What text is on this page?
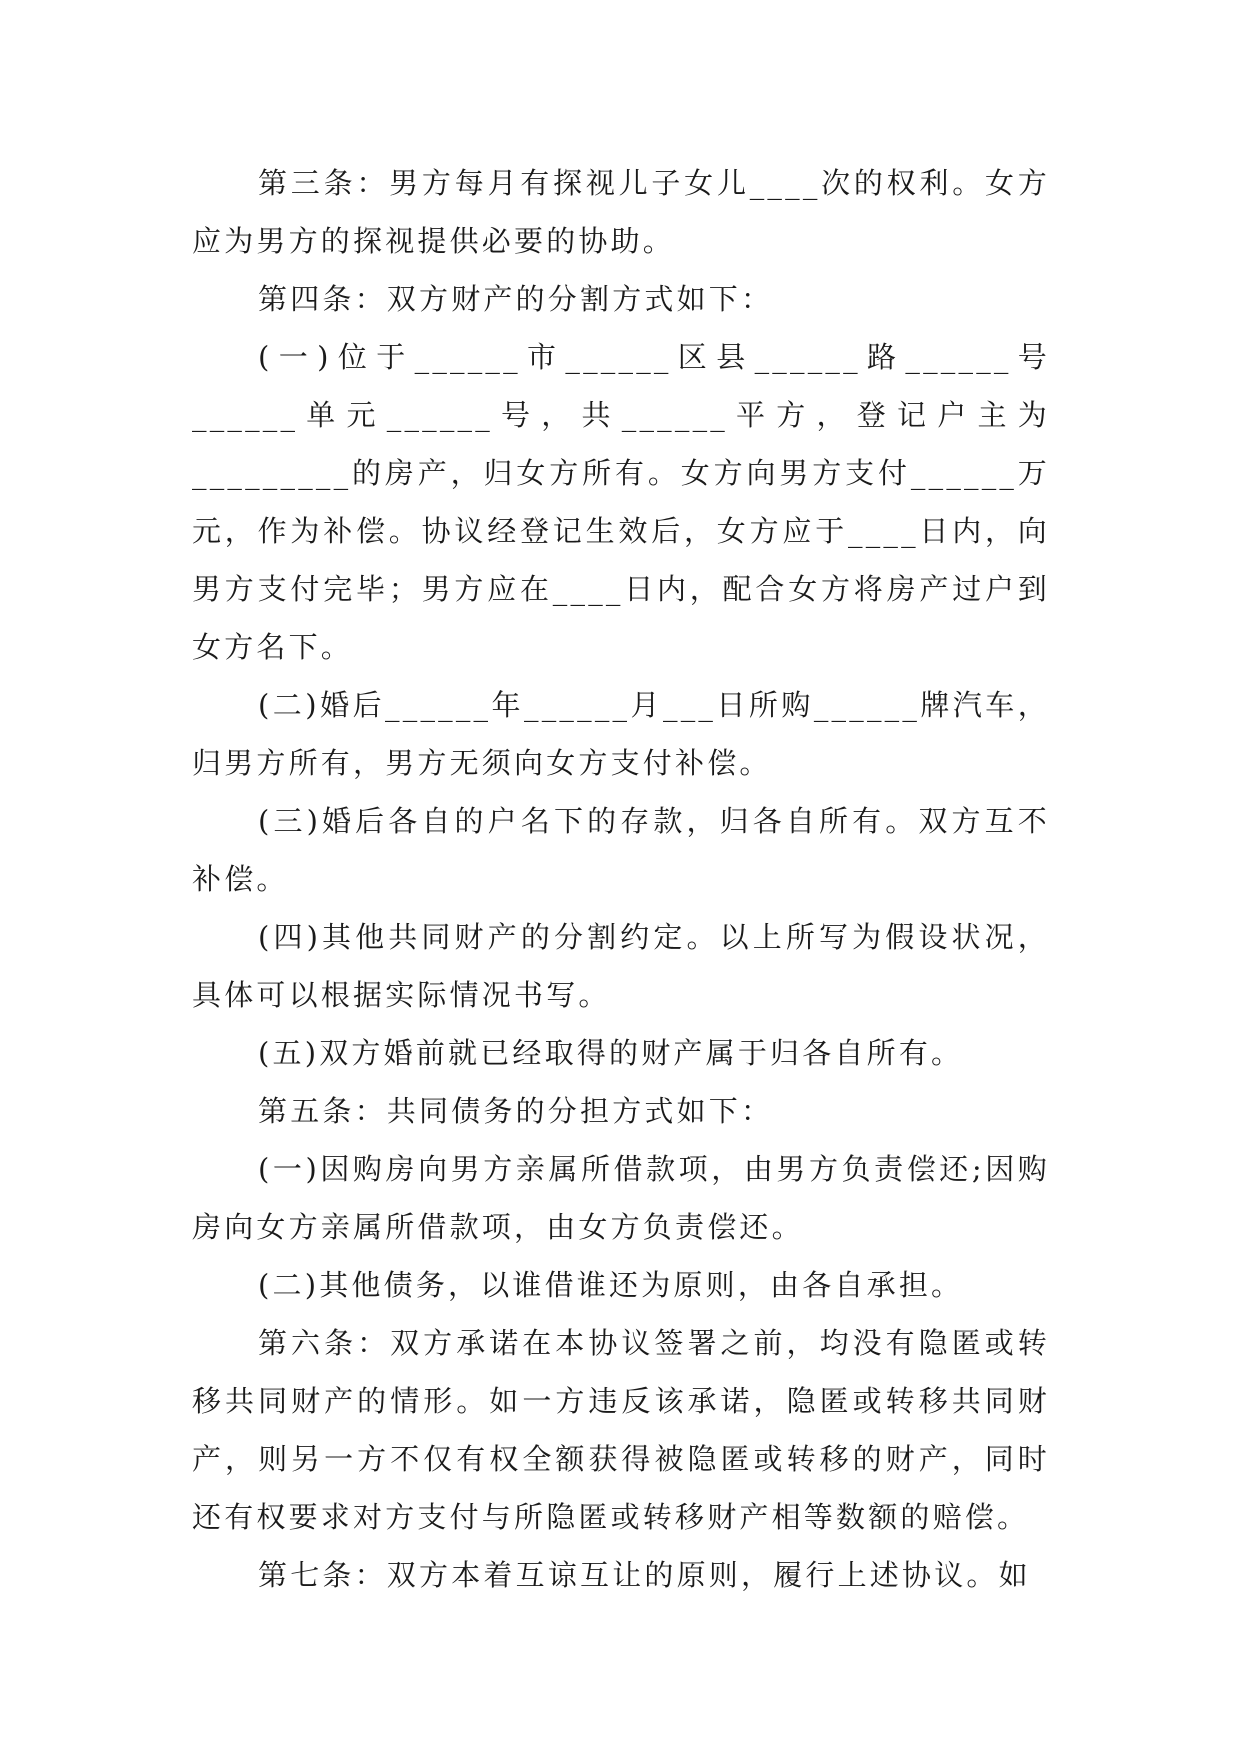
第三条：男方每月有探视儿子女儿____次的权利。女方应为男方的探视提供必要的协助。

第四条：双方财产的分割方式如下：

(一)位于______市______区县______路______号______单元______号，共______平方，登记户主为_________的房产，归女方所有。女方向男方支付______万元，作为补偿。协议经登记生效后，女方应于____日内，向男方支付完毕；男方应在____日内，配合女方将房产过户到女方名下。

(二)婚后______年______月___日所购______牌汽车，归男方所有，男方无须向女方支付补偿。

(三)婚后各自的户名下的存款，归各自所有。双方互不补偿。

(四)其他共同财产的分割约定。以上所写为假设状况，具体可以根据实际情况书写。

(五)双方婚前就已经取得的财产属于归各自所有。

第五条：共同债务的分担方式如下：

(一)因购房向男方亲属所借款项，由男方负责偿还;因购房向女方亲属所借款项，由女方负责偿还。

(二)其他债务，以谁借谁还为原则，由各自承担。

第六条：双方承诺在本协议签署之前，均没有隐匿或转移共同财产的情形。如一方违反该承诺，隐匿或转移共同财产，则另一方不仅有权全额获得被隐匿或转移的财产，同时还有权要求对方支付与所隐匿或转移财产相等数额的赔偿。

第七条：双方本着互谅互让的原则，履行上述协议。如
